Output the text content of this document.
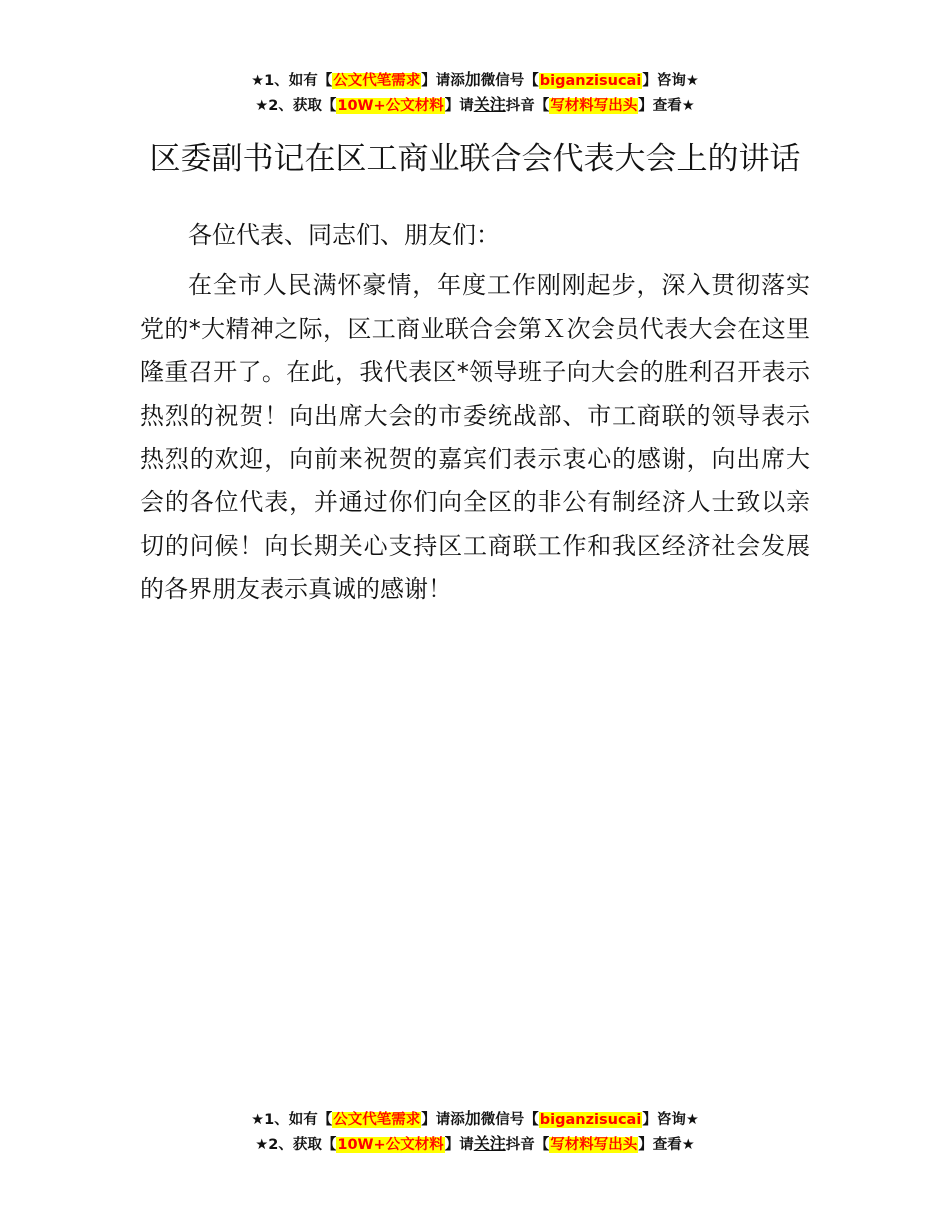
★1、如有【公文代笔需求】请添加微信号【biganzisucai】咨询★
★2、获取【10W+公文材料】请关注抖音【写材料写出头】查看★
区委副书记在区工商业联合会代表大会上的讲话

各位代表、同志们、朋友们：

在全市人民满怀豪情，年度工作刚刚起步，深入贯彻落实党的*大精神之际，区工商业联合会第Ｘ次会员代表大会在这里隆重召开了。在此，我代表区*领导班子向大会的胜利召开表示热烈的祝贺！向出席大会的市委统战部、市工商联的领导表示热烈的欢迎，向前来祝贺的嘉宾们表示衷心的感谢，向出席大会的各位代表，并通过你们向全区的非公有制经济人士致以亲切的问候！向长期关心支持区工商联工作和我区经济社会发展的各界朋友表示真诚的感谢！

★1、如有【公文代笔需求】请添加微信号【biganzisucai】咨询★
★2、获取【10W+公文材料】请关注抖音【写材料写出头】查看★
